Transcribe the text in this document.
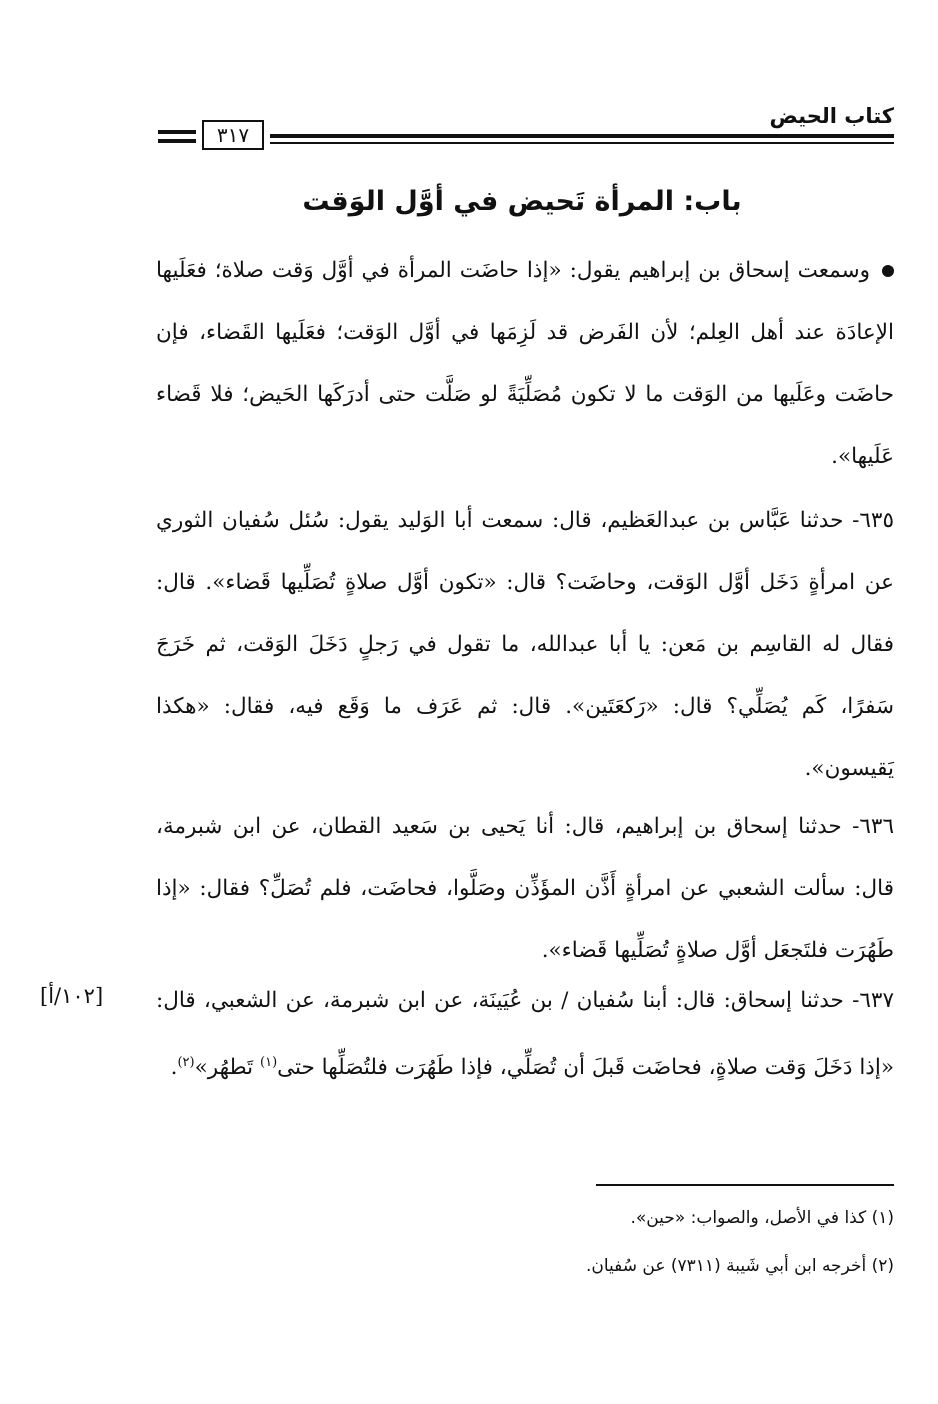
كتاب الحيض
٣١٧
باب: المرأة تَحيض في أوَّل الوَقت
وسمعت إسحاق بن إبراهيم يقول: «إذا حاضَت المرأة في أوَّل وَقت صلاة؛ فعَلَيها الإعادَة عند أهل العِلم؛ لأن الفَرض قد لَزِمَها في أوَّل الوَقت؛ فعَلَيها القَضاء، فإن حاضَت وعَلَيها من الوَقت ما لا تكون مُصَلِّيَةً لو صَلَّت حتى أدرَكَها الحَيض؛ فلا قَضاء عَلَيها».
٦٣٥- حدثنا عَبَّاس بن عبدالعَظيم، قال: سمعت أبا الوَليد يقول: سُئل سُفيان الثوري عن امرأةٍ دَخَل أوَّل الوَقت، وحاضَت؟ قال: «تكون أوَّل صلاةٍ تُصَلِّيها قَضاء». قال: فقال له القاسِم بن مَعن: يا أبا عبدالله، ما تقول في رَجلٍ دَخَلَ الوَقت، ثم خَرَجَ سَفرًا، كَم يُصَلِّي؟ قال: «رَكعَتَين». قال: ثم عَرَف ما وَقَع فيه، فقال: «هكذا يَقيسون».
٦٣٦- حدثنا إسحاق بن إبراهيم، قال: أنا يَحيى بن سَعيد القطان، عن ابن شبرمة، قال: سألت الشعبي عن امرأةٍ أَذَّن المؤَذِّن وصَلَّوا، فحاضَت، فلم تُصَلِّ؟ فقال: «إذا طَهُرَت فلتَجعَل أوَّل صلاةٍ تُصَلِّيها قَضاء».
٦٣٧- حدثنا إسحاق: قال: أبنا سُفيان / بن عُيَينَة، عن ابن شبرمة، عن الشعبي، قال: «إذا دَخَلَ وَقت صلاةٍ، فحاضَت قَبلَ أن تُصَلِّي، فإذا طَهُرَت فلتُصَلِّها حتى$^{(١)}$ تَطهُر»$^{(٢)}$.
[١٠٢/أ]
(١) كذا في الأصل، والصواب: «حين».
(٢) أخرجه ابن أبي شَيبة (٧٣١١) عن سُفيان.
